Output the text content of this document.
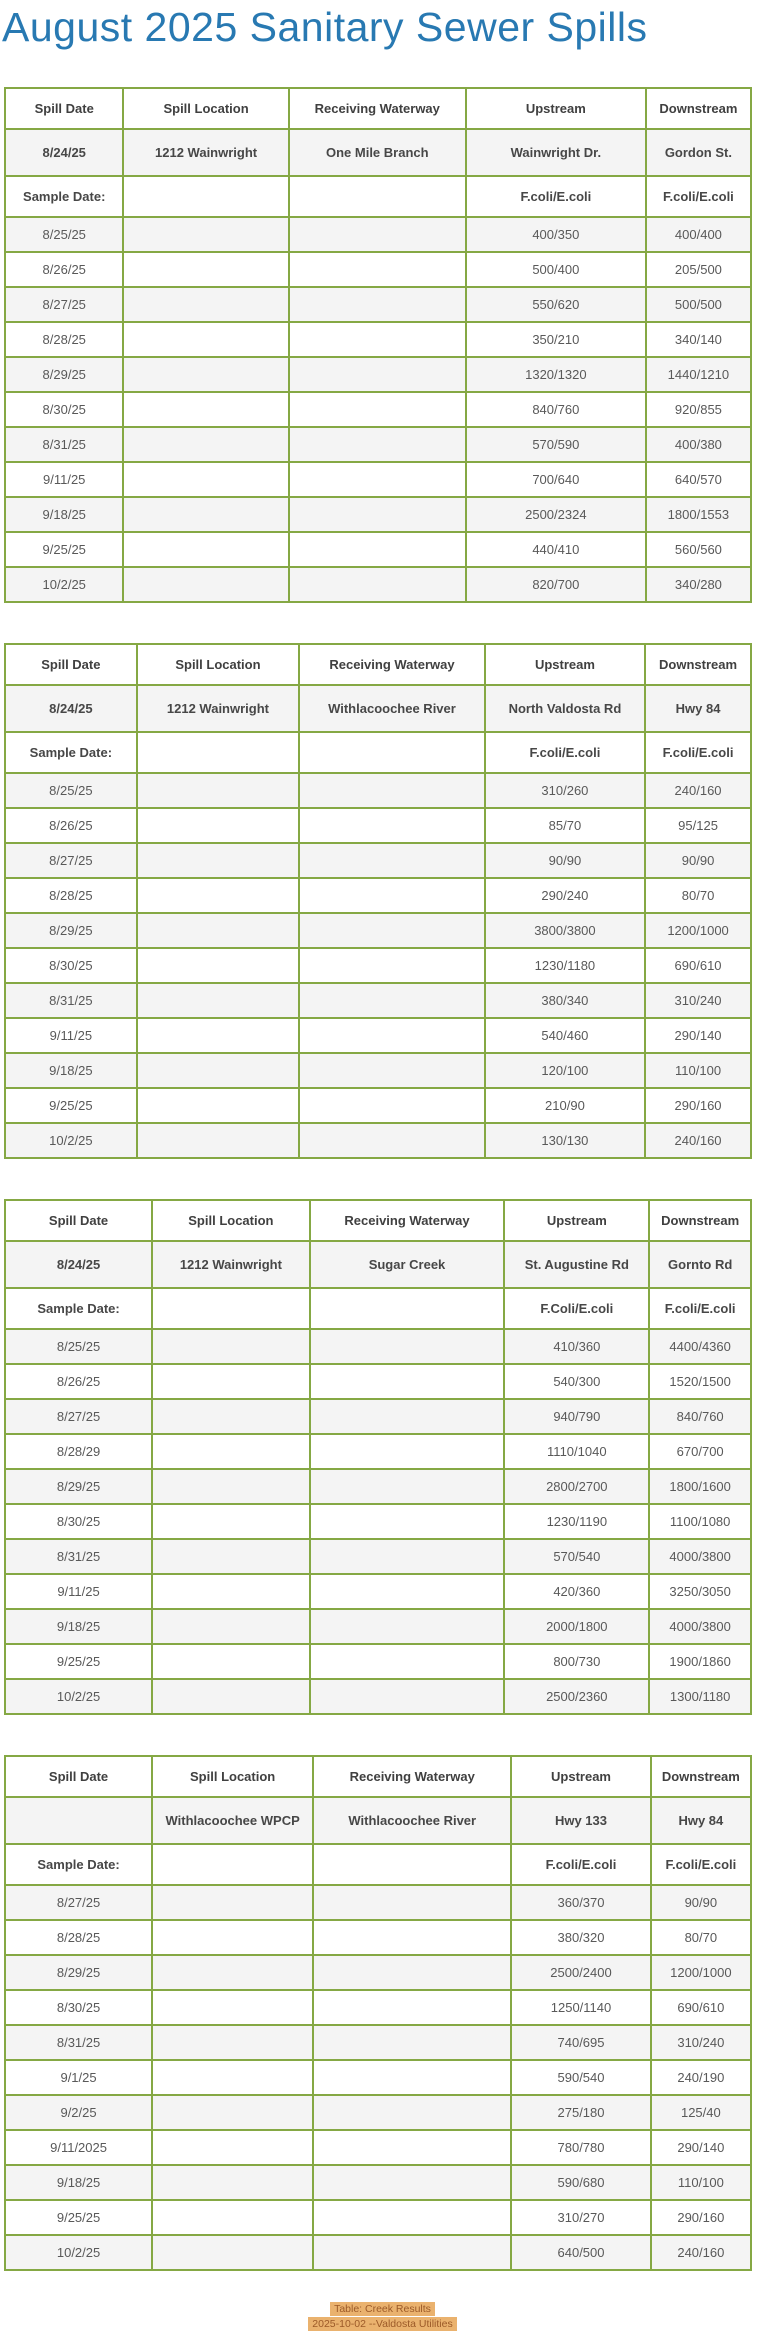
August 2025 Sanitary Sewer Spills
Spill Date	Spill Location	Receiving Waterway	Upstream	Downstream
8/24/25	1212 Wainwright	One Mile Branch	Wainwright Dr.	Gordon St.
Sample Date:			F.coli/E.coli	F.coli/E.coli
8/25/25			400/350	400/400
8/26/25			500/400	205/500
8/27/25			550/620	500/500
8/28/25			350/210	340/140
8/29/25			1320/1320	1440/1210
8/30/25			840/760	920/855
8/31/25			570/590	400/380
9/11/25			700/640	640/570
9/18/25			2500/2324	1800/1553
9/25/25			440/410	560/560
10/2/25			820/700	340/280
Spill Date	Spill Location	Receiving Waterway	Upstream	Downstream
8/24/25	1212 Wainwright	Withlacoochee River	North Valdosta Rd	Hwy 84
Sample Date:			F.coli/E.coli	F.coli/E.coli
8/25/25			310/260	240/160
8/26/25			85/70	95/125
8/27/25			90/90	90/90
8/28/25			290/240	80/70
8/29/25			3800/3800	1200/1000
8/30/25			1230/1180	690/610
8/31/25			380/340	310/240
9/11/25			540/460	290/140
9/18/25			120/100	110/100
9/25/25			210/90	290/160
10/2/25			130/130	240/160
Spill Date	Spill Location	Receiving Waterway	Upstream	Downstream
8/24/25	1212 Wainwright	Sugar Creek	St. Augustine Rd	Gornto Rd
Sample Date:			F.Coli/E.coli	F.coli/E.coli
8/25/25			410/360	4400/4360
8/26/25			540/300	1520/1500
8/27/25			940/790	840/760
8/28/29			1110/1040	670/700
8/29/25			2800/2700	1800/1600
8/30/25			1230/1190	1100/1080
8/31/25			570/540	4000/3800
9/11/25			420/360	3250/3050
9/18/25			2000/1800	4000/3800
9/25/25			800/730	1900/1860
10/2/25			2500/2360	1300/1180
Spill Date	Spill Location	Receiving Waterway	Upstream	Downstream
	Withlacoochee WPCP	Withlacoochee River	Hwy 133	Hwy 84
Sample Date:			F.coli/E.coli	F.coli/E.coli
8/27/25			360/370	90/90
8/28/25			380/320	80/70
8/29/25			2500/2400	1200/1000
8/30/25			1250/1140	690/610
8/31/25			740/695	310/240
9/1/25			590/540	240/190
9/2/25			275/180	125/40
9/11/2025			780/780	290/140
9/18/25			590/680	110/100
9/25/25			310/270	290/160
10/2/25			640/500	240/160
Table: Creek Results
2025-10-02 --Valdosta Utilities
